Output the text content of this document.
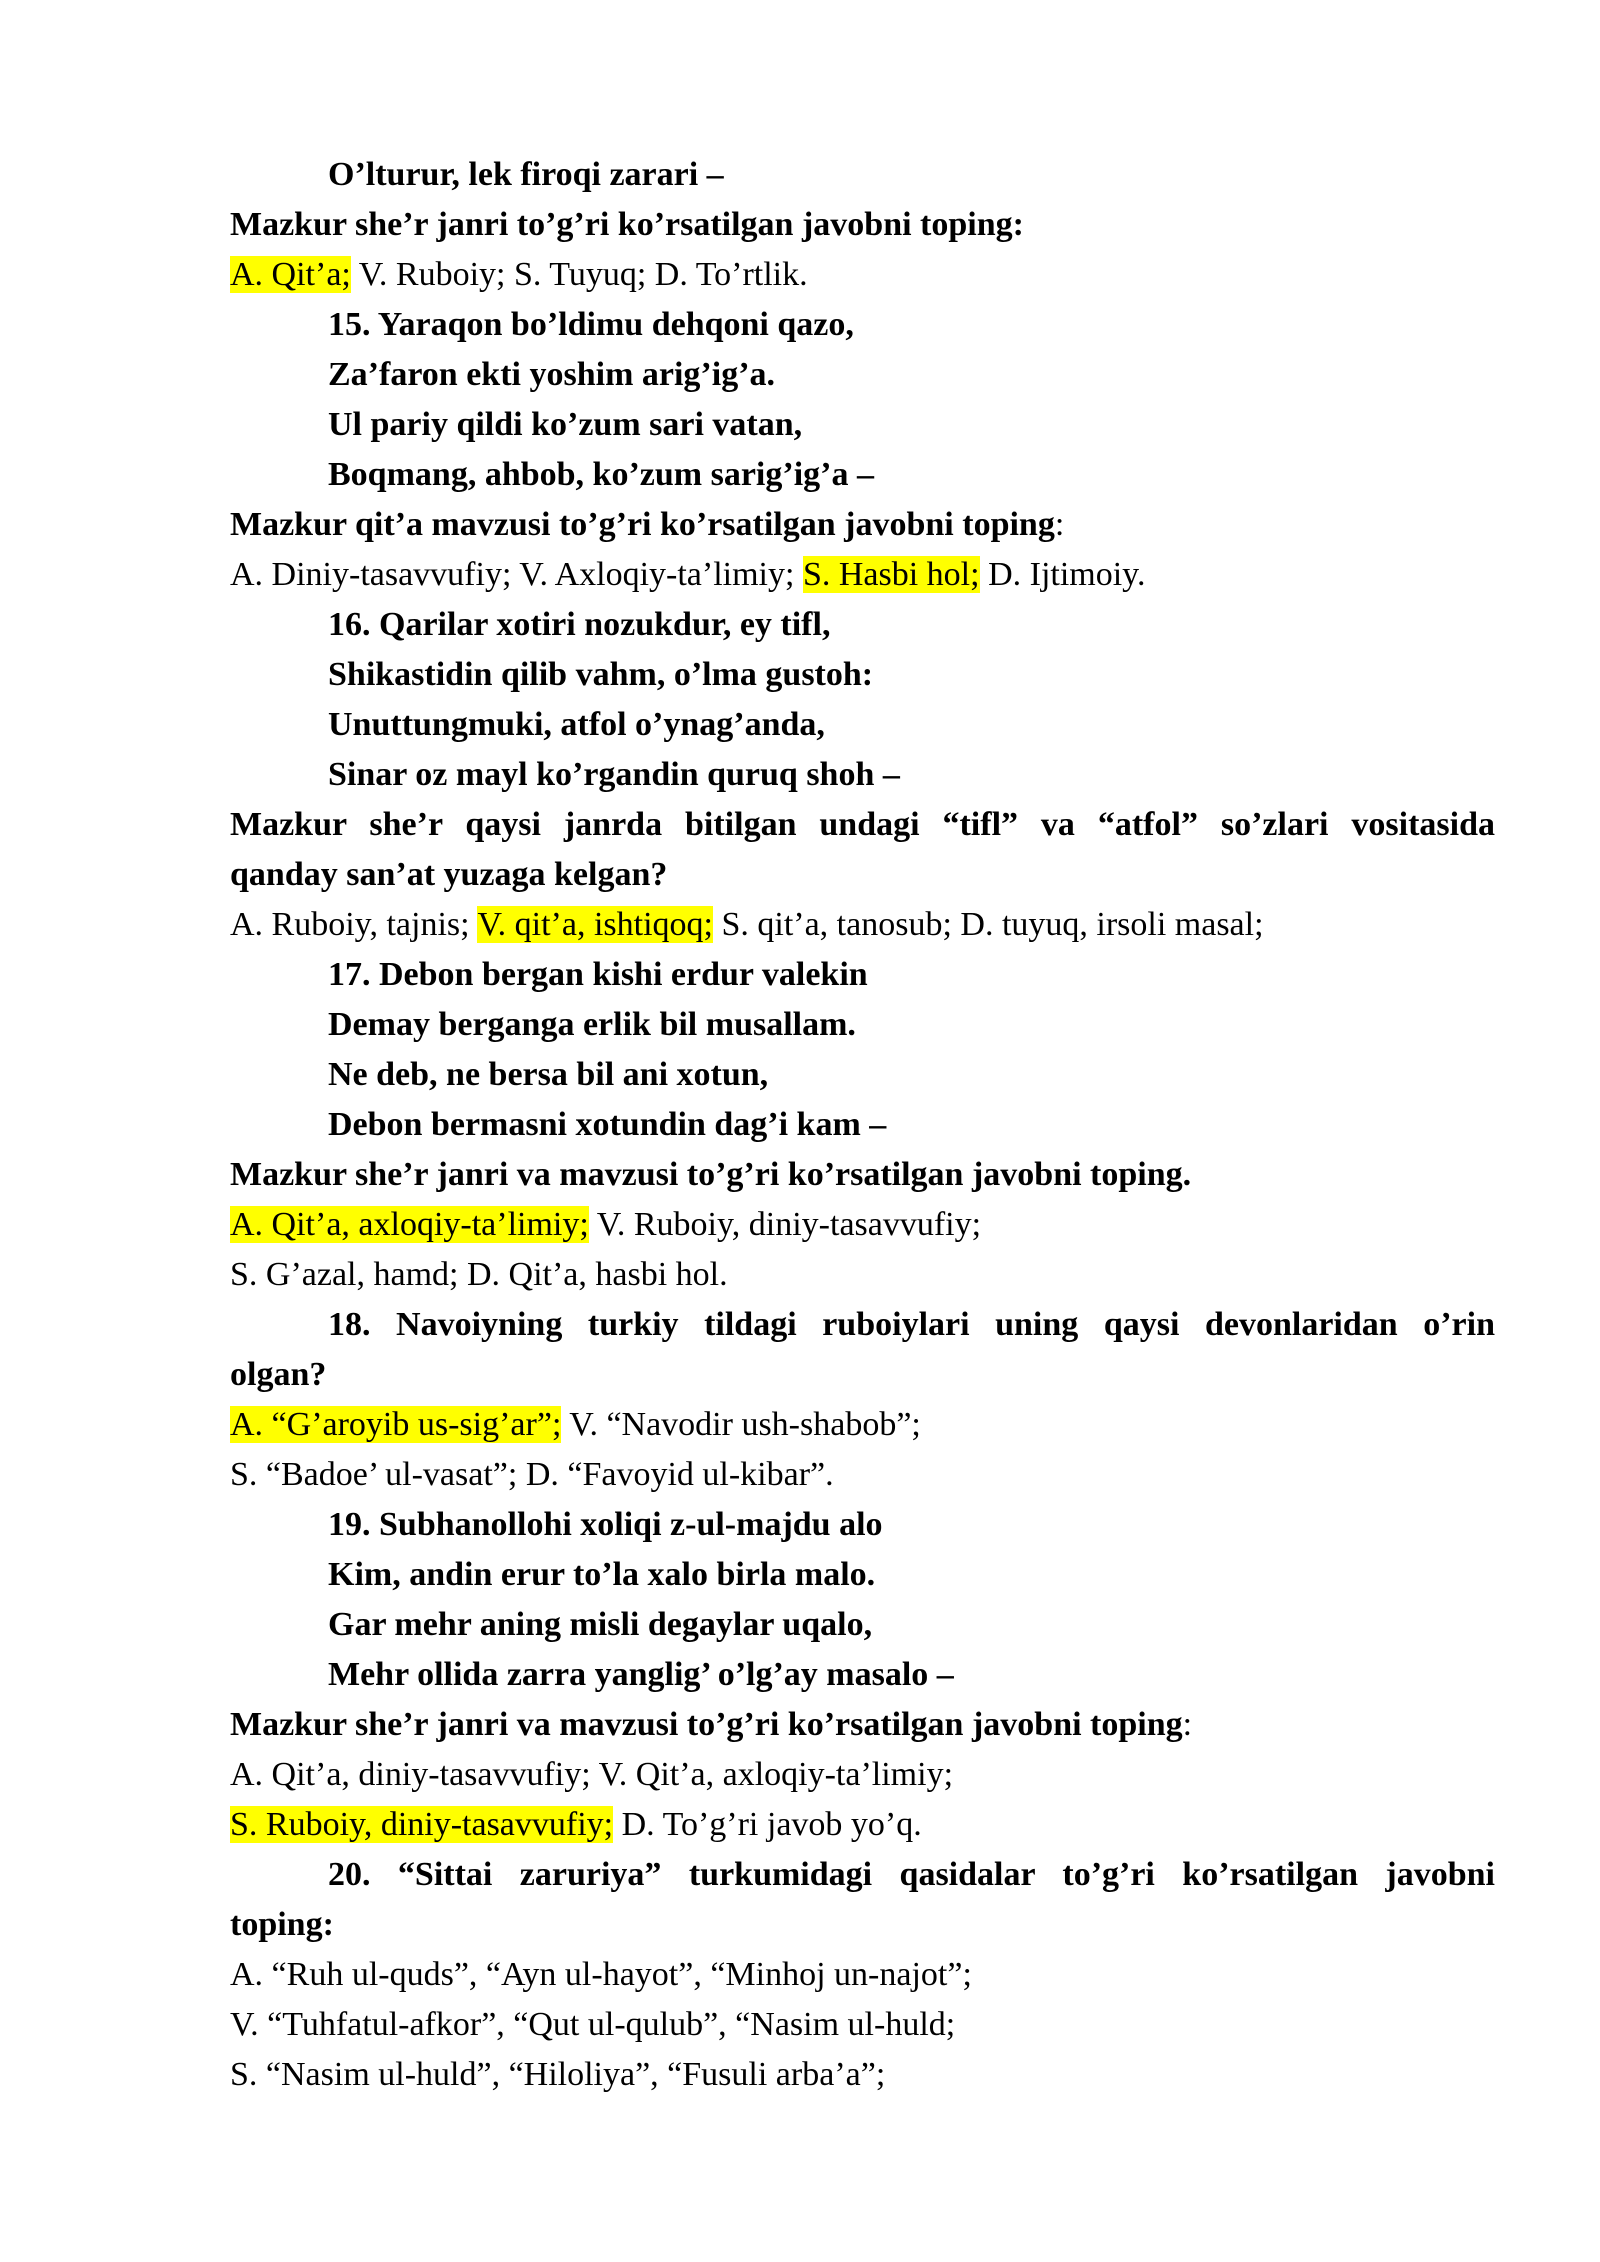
O’lturur, lek firoqi zarari –
Mazkur she’r janri to’g’ri ko’rsatilgan javobni toping:
A. Qit’a; V. Ruboiy; S. Tuyuq; D. To’rtlik.
15. Yaraqon bo’ldimu dehqoni qazo,
Za’faron ekti yoshim arig’ig’a.
Ul pariy qildi ko’zum sari vatan,
Boqmang, ahbob, ko’zum sarig’ig’a –
Mazkur qit’a mavzusi to’g’ri ko’rsatilgan javobni toping:
A. Diniy-tasavvufiy; V. Axloqiy-ta’limiy; S. Hasbi hol; D. Ijtimoiy.
16. Qarilar xotiri nozukdur, ey tifl,
Shikastidin qilib vahm, o’lma gustoh:
Unuttungmuki, atfol o’ynag’anda,
Sinar oz mayl ko’rgandin quruq shoh –
Mazkur she’r qaysi janrda bitilgan undagi “tifl” va “atfol” so’zlari vositasida
qanday san’at yuzaga kelgan?
A. Ruboiy, tajnis; V. qit’a, ishtiqoq; S. qit’a, tanosub; D. tuyuq, irsoli masal;
17. Debon bergan kishi erdur valekin
Demay berganga erlik bil musallam.
Ne deb, ne bersa bil ani xotun,
Debon bermasni xotundin dag’i kam –
Mazkur she’r janri va mavzusi to’g’ri ko’rsatilgan javobni toping.
A. Qit’a, axloqiy-ta’limiy; V. Ruboiy, diniy-tasavvufiy;
S. G’azal, hamd; D. Qit’a, hasbi hol.
18. Navoiyning turkiy tildagi ruboiylari uning qaysi devonlaridan o’rin
olgan?
A. “G’aroyib us-sig’ar”; V. “Navodir ush-shabob”;
S. “Badoe’ ul-vasat”; D. “Favoyid ul-kibar”.
19. Subhanollohi xoliqi z-ul-majdu alo
Kim, andin erur to’la xalo birla malo.
Gar mehr aning misli degaylar uqalo,
Mehr ollida zarra yanglig’ o’lg’ay masalo –
Mazkur she’r janri va mavzusi to’g’ri ko’rsatilgan javobni toping:
A. Qit’a, diniy-tasavvufiy; V. Qit’a, axloqiy-ta’limiy;
S. Ruboiy, diniy-tasavvufiy; D. To’g’ri javob yo’q.
20. “Sittai zaruriya” turkumidagi qasidalar to’g’ri ko’rsatilgan javobni
toping:
A. “Ruh ul-quds”, “Ayn ul-hayot”, “Minhoj un-najot”;
V. “Tuhfatul-afkor”, “Qut ul-qulub”, “Nasim ul-huld;
S. “Nasim ul-huld”, “Hiloliya”, “Fusuli arba’a”;
